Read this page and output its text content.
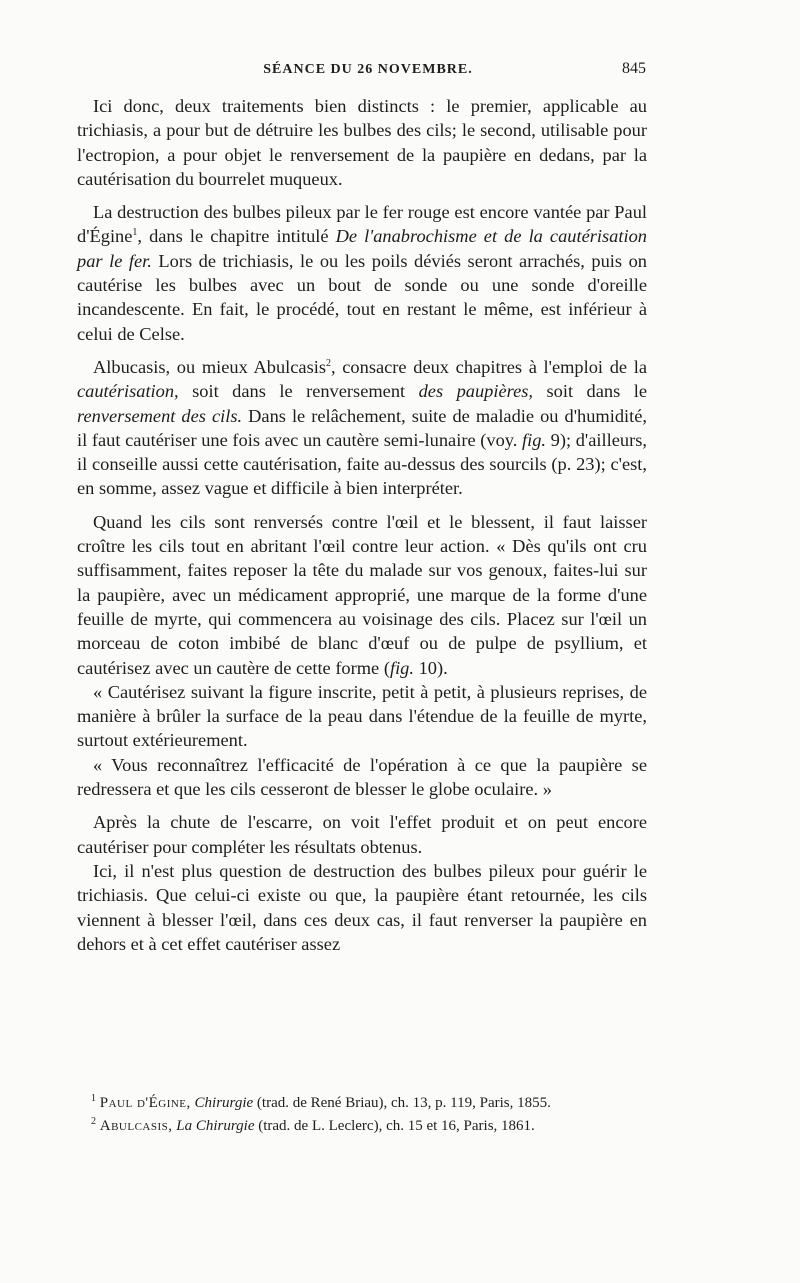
SÉANCE DU 26 NOVEMBRE.	845

Ici donc, deux traitements bien distincts : le premier, applicable au trichiasis, a pour but de détruire les bulbes des cils; le second, utilisable pour l'ectropion, a pour objet le renversement de la paupière en dedans, par la cautérisation du bourrelet muqueux.

La destruction des bulbes pileux par le fer rouge est encore vantée par Paul d'Égine$^1$, dans le chapitre intitulé De l'anabrochisme et de la cautérisation par le fer. Lors de trichiasis, le ou les poils déviés seront arrachés, puis on cautérise les bulbes avec un bout de sonde ou une sonde d'oreille incandescente. En fait, le procédé, tout en restant le même, est inférieur à celui de Celse.

Albucasis, ou mieux Abulcasis$^2$, consacre deux chapitres à l'emploi de la cautérisation, soit dans le renversement des paupières, soit dans le renversement des cils. Dans le relâchement, suite de maladie ou d'humidité, il faut cautériser une fois avec un cautère semi-lunaire (voy. fig. 9); d'ailleurs, il conseille aussi cette cautérisation, faite au-dessus des sourcils (p. 23); c'est, en somme, assez vague et difficile à bien interpréter.

Quand les cils sont renversés contre l'œil et le blessent, il faut laisser croître les cils tout en abritant l'œil contre leur action. « Dès qu'ils ont cru suffisamment, faites reposer la tête du malade sur vos genoux, faites-lui sur la paupière, avec un médicament approprié, une marque de la forme d'une feuille de myrte, qui commencera au voisinage des cils. Placez sur l'œil un morceau de coton imbibé de blanc d'œuf ou de pulpe de psyllium, et cautérisez avec un cautère de cette forme (fig. 10).

« Cautérisez suivant la figure inscrite, petit à petit, à plusieurs reprises, de manière à brûler la surface de la peau dans l'étendue de la feuille de myrte, surtout extérieurement.

« Vous reconnaîtrez l'efficacité de l'opération à ce que la paupière se redressera et que les cils cesseront de blesser le globe oculaire. »

Après la chute de l'escarre, on voit l'effet produit et on peut encore cautériser pour compléter les résultats obtenus.

Ici, il n'est plus question de destruction des bulbes pileux pour guérir le trichiasis. Que celui-ci existe ou que, la paupière étant retournée, les cils viennent à blesser l'œil, dans ces deux cas, il faut renverser la paupière en dehors et à cet effet cautériser assez

$^1$ Paul d'Égine, Chirurgie (trad. de René Briau), ch. 13, p. 119, Paris, 1855.

$^2$ Abulcasis, La Chirurgie (trad. de L. Leclerc), ch. 15 et 16, Paris, 1861.
